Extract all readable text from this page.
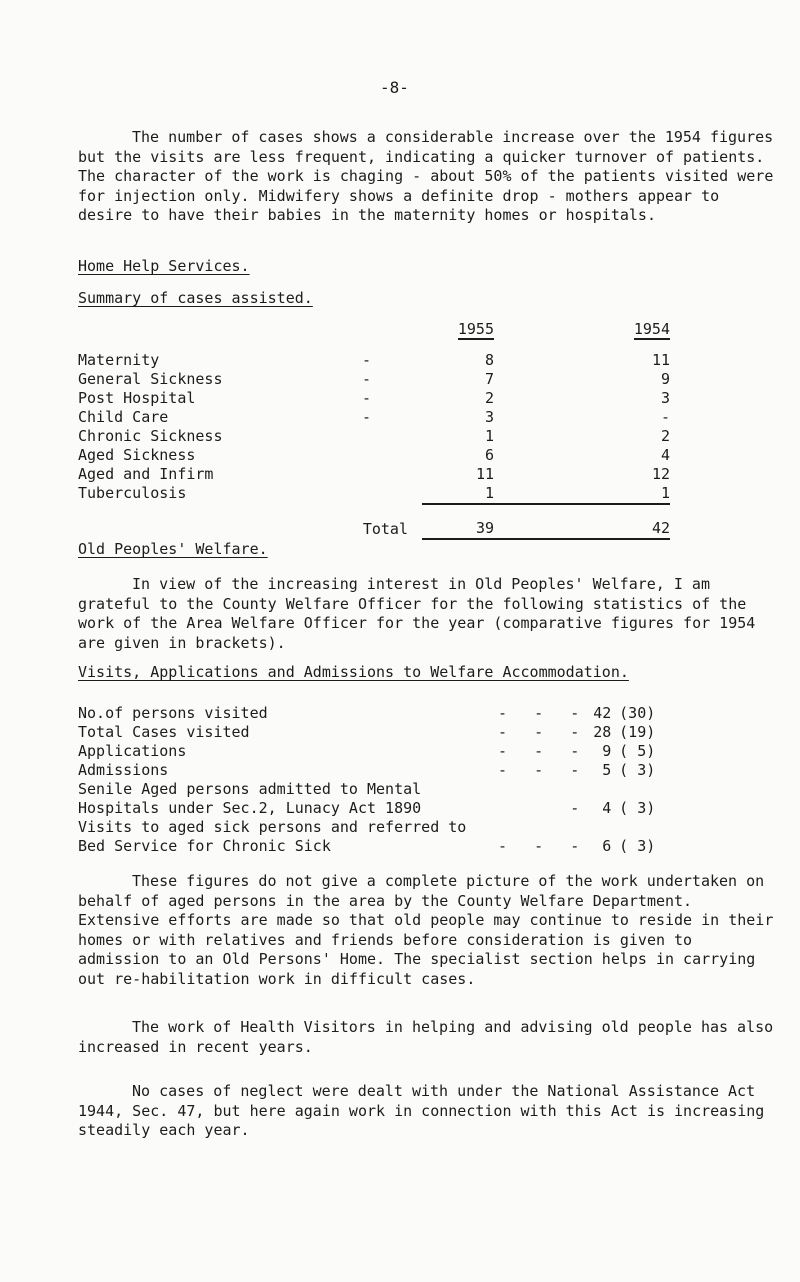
-8-

The number of cases shows a considerable increase over the 1954 figures but the visits are less frequent, indicating a quicker turnover of patients. The character of the work is chaging - about 50% of the patients visited were for injection only. Midwifery shows a definite drop - mothers appear to desire to have their babies in the maternity homes or hospitals.

Home Help Services.
Summary of cases assisted.
		1955	1954

Maternity	-	8	11
General Sickness	-	7	9
Post Hospital	-	2	3
Child Care	-	3	-
Chronic Sickness		1	2
Aged Sickness		6	4
Aged and Infirm		11	12
Tuberculosis		1	1

Total		39	42
Old Peoples' Welfare.

In view of the increasing interest in Old Peoples' Welfare, I am grateful to the County Welfare Officer for the following statistics of the work of the Area Welfare Officer for the year (comparative figures for 1954 are given in brackets).

Visits, Applications and Admissions to Welfare Accommodation.
No.of persons visited	-   -   -	42	(30)
Total Cases visited	-   -   -	28	(19)
Applications	-   -   -	9	( 5)
Admissions	-   -   -	5	( 3)
Senile Aged persons admitted to Mental			
Hospitals under Sec.2, Lunacy Act 1890	-	4	( 3)
Visits to aged sick persons and referred to			
Bed Service for Chronic Sick	-   -   -	6	( 3)

These figures do not give a complete picture of the work undertaken on behalf of aged persons in the area by the County Welfare Department. Extensive efforts are made so that old people may continue to reside in their homes or with relatives and friends before consideration is given to admission to an Old Persons' Home. The specialist section helps in carrying out re-habilitation work in difficult cases.

The work of Health Visitors in helping and advising old people has also increased in recent years.

No cases of neglect were dealt with under the National Assistance Act 1944, Sec. 47, but here again work in connection with this Act is increasing steadily each year.
